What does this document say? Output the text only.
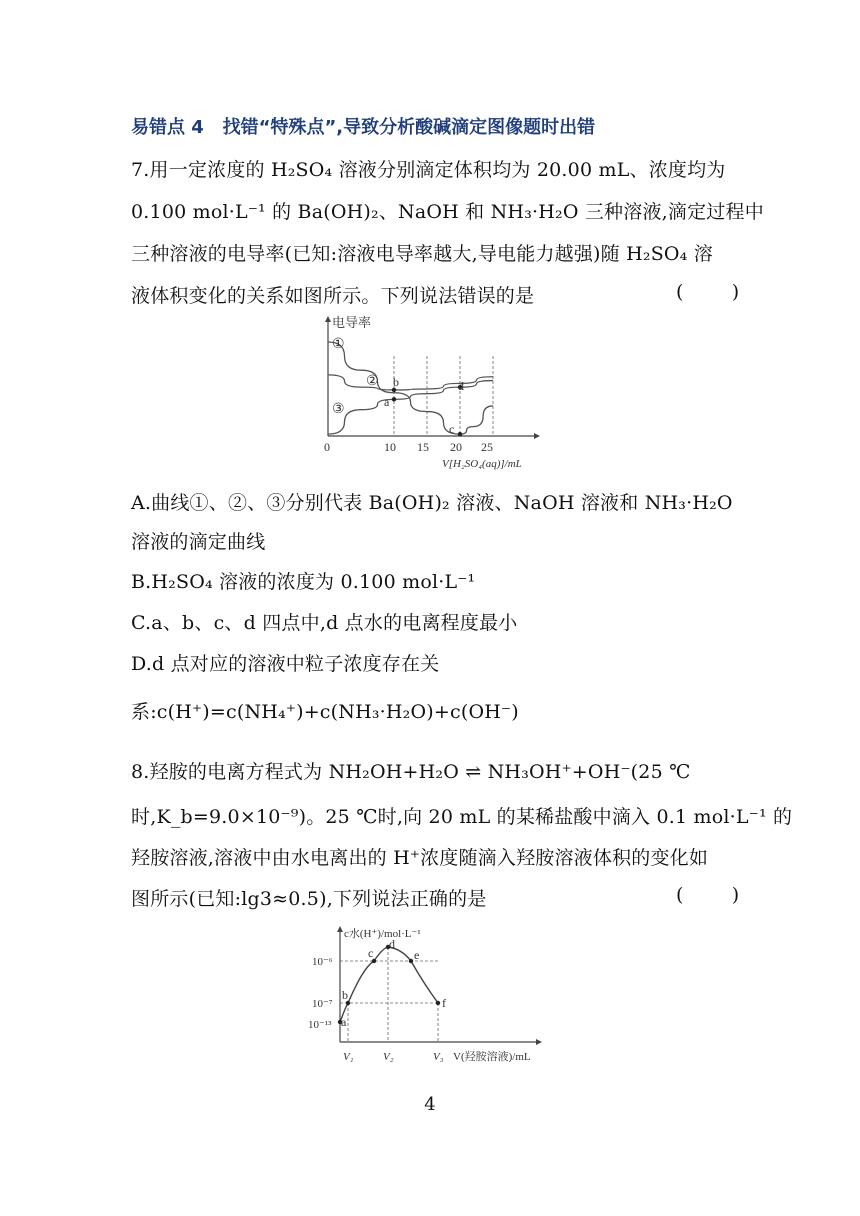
易错点 4 找错“特殊点”,导致分析酸碱滴定图像题时出错
7.用一定浓度的 H₂SO₄ 溶液分别滴定体积均为 20.00 mL、浓度均为
0.100 mol·L⁻¹ 的 Ba(OH)₂、NaOH 和 NH₃·H₂O 三种溶液,滴定过程中
三种溶液的电导率(已知:溶液电导率越大,导电能力越强)随 H₂SO₄ 溶
液体积变化的关系如图所示。下列说法错误的是	(        )
电导率
①
②
③
b
a
c
d
0	10 15 20 25
V[H₂SO₄(aq)]/mL
A.曲线①、②、③分别代表 Ba(OH)₂ 溶液、NaOH 溶液和 NH₃·H₂O
溶液的滴定曲线
B.H₂SO₄ 溶液的浓度为 0.100 mol·L⁻¹
C.a、b、c、d 四点中,d 点水的电离程度最小
D.d 点对应的溶液中粒子浓度存在关
系:c(H⁺)=c(NH₄⁺)+c(NH₃·H₂O)+c(OH⁻)
8.羟胺的电离方程式为 NH₂OH+H₂O ⇌ NH₃OH⁺+OH⁻(25 ℃
时,K_b=9.0×10⁻⁹)。25 ℃时,向 20 mL 的某稀盐酸中滴入 0.1 mol·L⁻¹ 的
羟胺溶液,溶液中由水电离出的 H⁺浓度随滴入羟胺溶液体积的变化如
图所示(已知:lg3≈0.5),下列说法正确的是	(        )
c水(H⁺)/mol·L⁻¹
10⁻⁶
10⁻⁷
10⁻¹³ a
b
c
d
e
f
V₁	V₂	V₃ V(羟胺溶液)/mL
4
